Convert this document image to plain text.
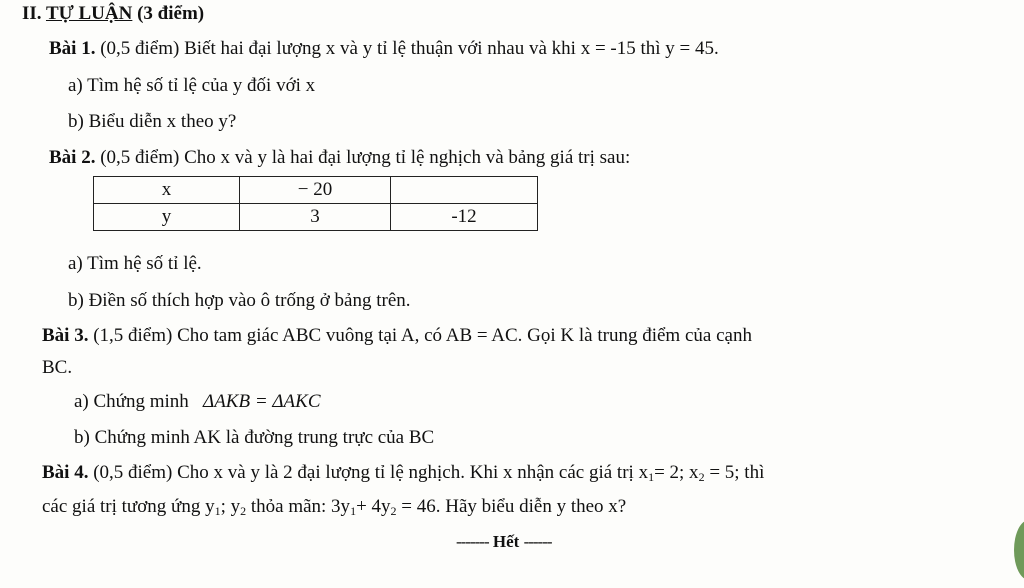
II. TỰ LUẬN (3 điểm)
Bài 1. (0,5 điểm) Biết hai đại lượng x và y tỉ lệ thuận với nhau và khi x = -15 thì y = 45.
a) Tìm hệ số tỉ lệ của y đối với x
b) Biểu diễn x theo y?
Bài 2. (0,5 điểm) Cho x và y là hai đại lượng tỉ lệ nghịch và bảng giá trị sau:
x	− 20	
y	3	-12
a) Tìm hệ số tỉ lệ.
b) Điền số thích hợp vào ô trống ở bảng trên.
Bài 3. (1,5 điểm) Cho tam giác ABC vuông tại A, có AB = AC. Gọi K là trung điểm của cạnh
BC.
a) Chứng minh ΔAKB = ΔAKC
b) Chứng minh AK là đường trung trực của BC
Bài 4. (0,5 điểm) Cho x và y là 2 đại lượng tỉ lệ nghịch. Khi x nhận các giá trị $x_1= 2$; $x_2 = 5$; thì
các giá trị tương ứng $y_1$; $y_2$ thỏa mãn: $3y_1+ 4y_2 = 46$. Hãy biểu diễn y theo x?
------- Hết ------
